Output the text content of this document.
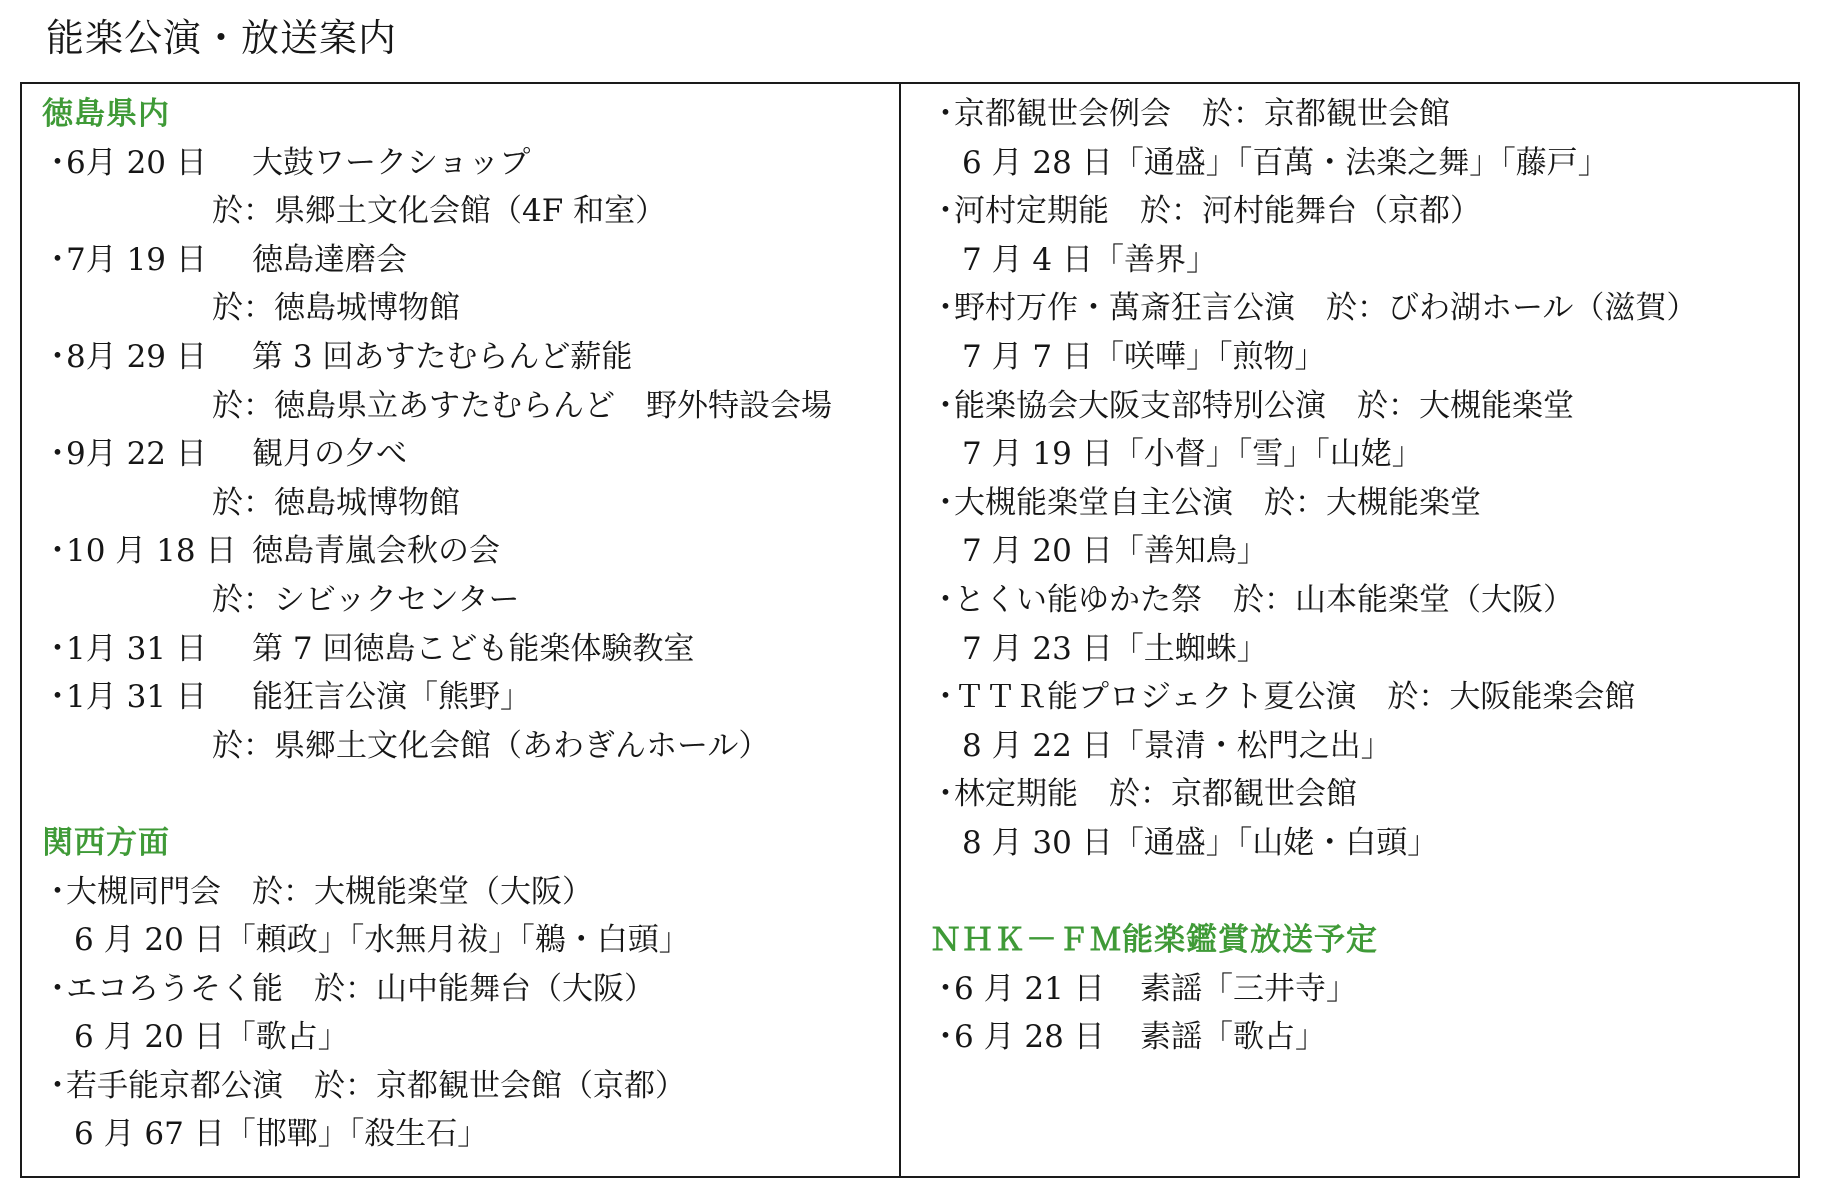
能楽公演・放送案内
徳島県内
・6月 20 日 大鼓ワークショップ
於：県郷土文化会館（4F 和室）
・7月 19 日 徳島達磨会
於：徳島城博物館
・8月 29 日 第 3 回あすたむらんど薪能
於：徳島県立あすたむらんど　野外特設会場
・9月 22 日 観月の夕べ
於：徳島城博物館
・10 月 18 日 徳島青嵐会秋の会
於：シビックセンター
・1月 31 日 第 7 回徳島こども能楽体験教室
・1月 31 日 能狂言公演「熊野」
於：県郷土文化会館（あわぎんホール）
関西方面
・大槻同門会　於：大槻能楽堂（大阪）
6 月 20 日「頼政」「水無月祓」「鵜・白頭」
・エコろうそく能　於：山中能舞台（大阪）
6 月 20 日「歌占」
・若手能京都公演　於：京都観世会館（京都）
6 月 67 日「邯鄲」「殺生石」
・京都観世会例会　於：京都観世会館
6 月 28 日「通盛」「百萬・法楽之舞」「藤戸」
・河村定期能　於：河村能舞台（京都）
7 月 4 日「善界」
・野村万作・萬斎狂言公演　於：びわ湖ホール（滋賀）
7 月 7 日「咲嘩」「煎物」
・能楽協会大阪支部特別公演　於：大槻能楽堂
7 月 19 日「小督」「雪」「山姥」
・大槻能楽堂自主公演　於：大槻能楽堂
7 月 20 日「善知鳥」
・とくい能ゆかた祭　於：山本能楽堂（大阪）
7 月 23 日「土蜘蛛」
・ＴＴＲ能プロジェクト夏公演　於：大阪能楽会館
8 月 22 日「景清・松門之出」
・林定期能　於：京都観世会館
8 月 30 日「通盛」「山姥・白頭」
ＮＨＫ－ＦＭ能楽鑑賞放送予定
・6 月 21 日 素謡「三井寺」
・6 月 28 日 素謡「歌占」
